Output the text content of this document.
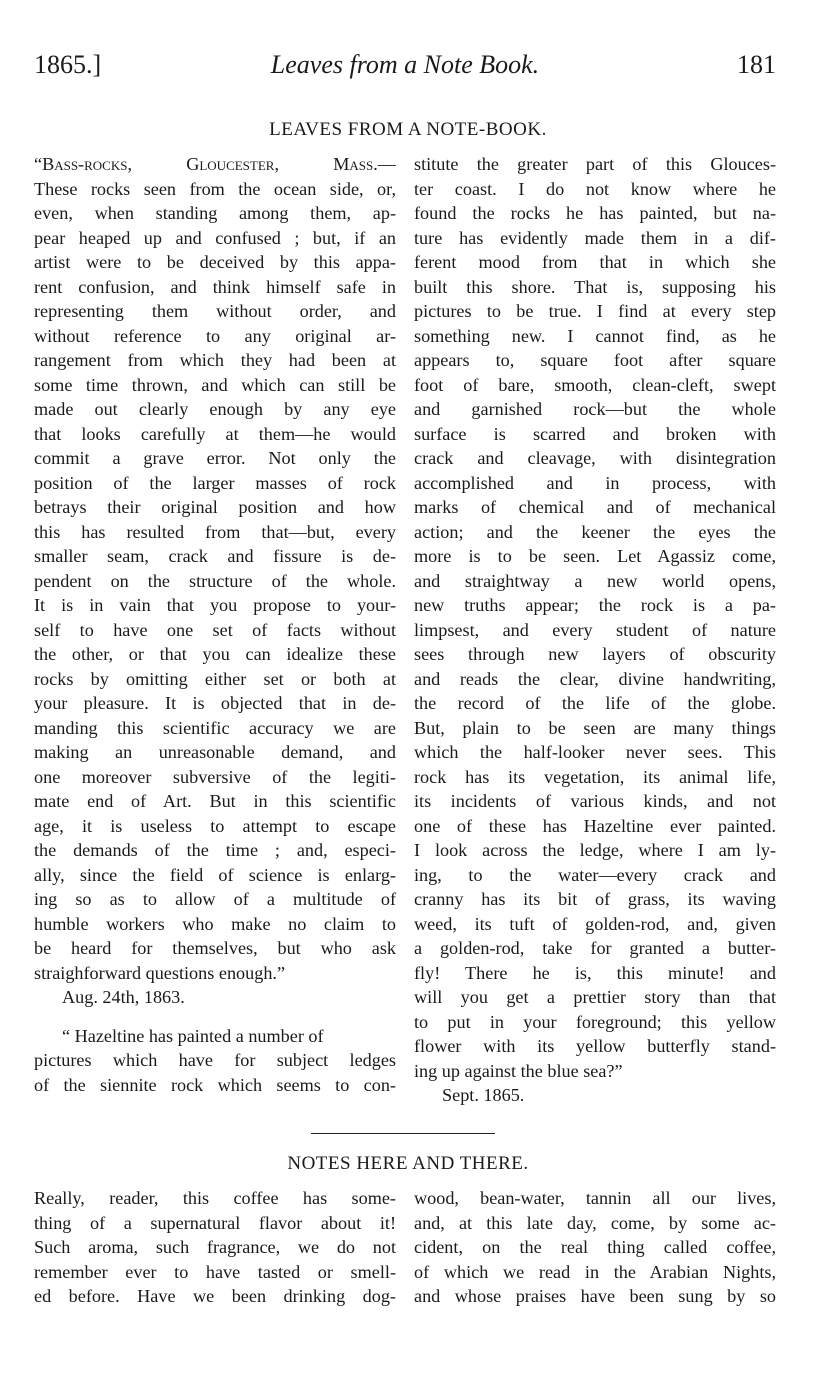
1865.]	Leaves from a Note Book.	181
LEAVES FROM A NOTE-BOOK.
“Bass-rocks, Gloucester, Mass.—
These rocks seen from the ocean side, or,
even, when standing among them, ap-
pear heaped up and confused ; but, if an
artist were to be deceived by this appa-
rent confusion, and think himself safe in
representing them without order, and
without reference to any original ar-
rangement from which they had been at
some time thrown, and which can still be
made out clearly enough by any eye
that looks carefully at them—he would
commit a grave error. Not only the
position of the larger masses of rock
betrays their original position and how
this has resulted from that—but, every
smaller seam, crack and fissure is de-
pendent on the structure of the whole.
It is in vain that you propose to your-
self to have one set of facts without
the other, or that you can idealize these
rocks by omitting either set or both at
your pleasure. It is objected that in de-
manding this scientific accuracy we are
making an unreasonable demand, and
one moreover subversive of the legiti-
mate end of Art. But in this scientific
age, it is useless to attempt to escape
the demands of the time ; and, especi-
ally, since the field of science is enlarg-
ing so as to allow of a multitude of
humble workers who make no claim to
be heard for themselves, but who ask
straighforward questions enough.”
Aug. 24th, 1863.
“ Hazeltine has painted a number of
pictures which have for subject ledges
of the siennite rock which seems to con-
stitute the greater part of this Glouces-
ter coast. I do not know where he
found the rocks he has painted, but na-
ture has evidently made them in a dif-
ferent mood from that in which she
built this shore. That is, supposing his
pictures to be true. I find at every step
something new. I cannot find, as he
appears to, square foot after square
foot of bare, smooth, clean-cleft, swept
and garnished rock—but the whole
surface is scarred and broken with
crack and cleavage, with disintegration
accomplished and in process, with
marks of chemical and of mechanical
action; and the keener the eyes the
more is to be seen. Let Agassiz come,
and straightway a new world opens,
new truths appear; the rock is a pa-
limpsest, and every student of nature
sees through new layers of obscurity
and reads the clear, divine handwriting,
the record of the life of the globe.
But, plain to be seen are many things
which the half-looker never sees. This
rock has its vegetation, its animal life,
its incidents of various kinds, and not
one of these has Hazeltine ever painted.
I look across the ledge, where I am ly-
ing, to the water—every crack and
cranny has its bit of grass, its waving
weed, its tuft of golden-rod, and, given
a golden-rod, take for granted a butter-
fly! There he is, this minute! and
will you get a prettier story than that
to put in your foreground; this yellow
flower with its yellow butterfly stand-
ing up against the blue sea?”
Sept. 1865.
NOTES HERE AND THERE.
Really, reader, this coffee has some-
thing of a supernatural flavor about it!
Such aroma, such fragrance, we do not
remember ever to have tasted or smell-
ed before. Have we been drinking dog-
wood, bean-water, tannin all our lives,
and, at this late day, come, by some ac-
cident, on the real thing called coffee,
of which we read in the Arabian Nights,
and whose praises have been sung by so
